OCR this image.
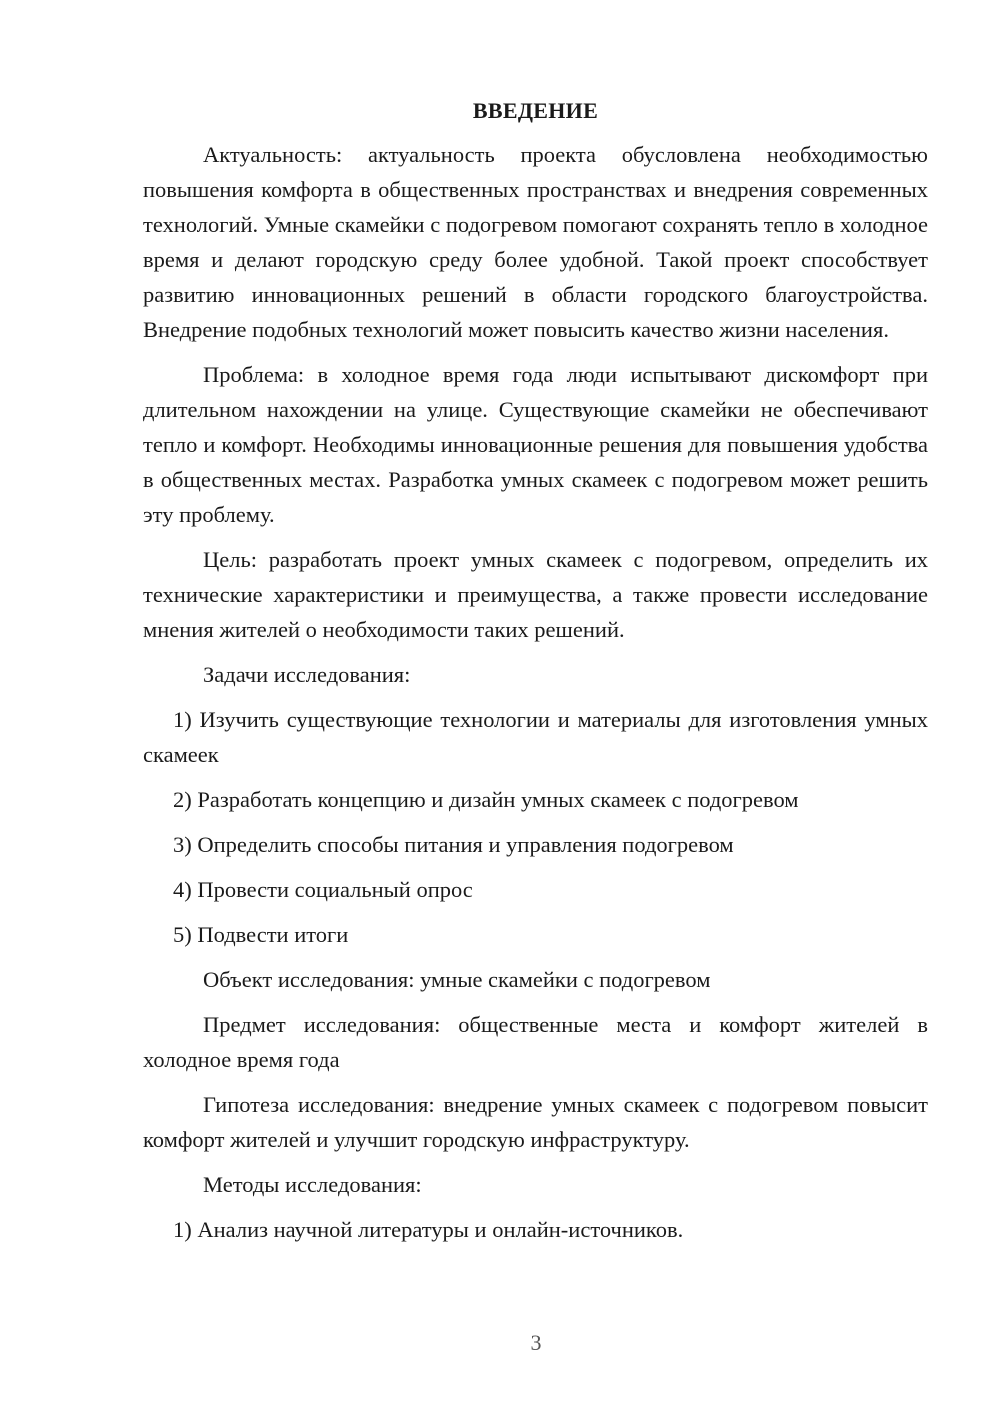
ВВЕДЕНИЕ
Актуальность: актуальность проекта обусловлена необходимостью повышения комфорта в общественных пространствах и внедрения современных технологий. Умные скамейки с подогревом помогают сохранять тепло в холодное время и делают городскую среду более удобной. Такой проект способствует развитию инновационных решений в области городского благоустройства. Внедрение подобных технологий может повысить качество жизни населения.
Проблема: в холодное время года люди испытывают дискомфорт при длительном нахождении на улице. Существующие скамейки не обеспечивают тепло и комфорт. Необходимы инновационные решения для повышения удобства в общественных местах. Разработка умных скамеек с подогревом может решить эту проблему.
Цель: разработать проект умных скамеек с подогревом, определить их технические характеристики и преимущества, а также провести исследование мнения жителей о необходимости таких решений.
Задачи исследования:
1) Изучить существующие технологии и материалы для изготовления умных скамеек
2) Разработать концепцию и дизайн умных скамеек с подогревом
3) Определить способы питания и управления подогревом
4) Провести социальный опрос
5) Подвести итоги
Объект исследования: умные скамейки с подогревом
Предмет исследования: общественные места и комфорт жителей в холодное время года
Гипотеза исследования: внедрение умных скамеек с подогревом повысит комфорт жителей и улучшит городскую инфраструктуру.
Методы исследования:
1) Анализ научной литературы и онлайн-источников.
3
